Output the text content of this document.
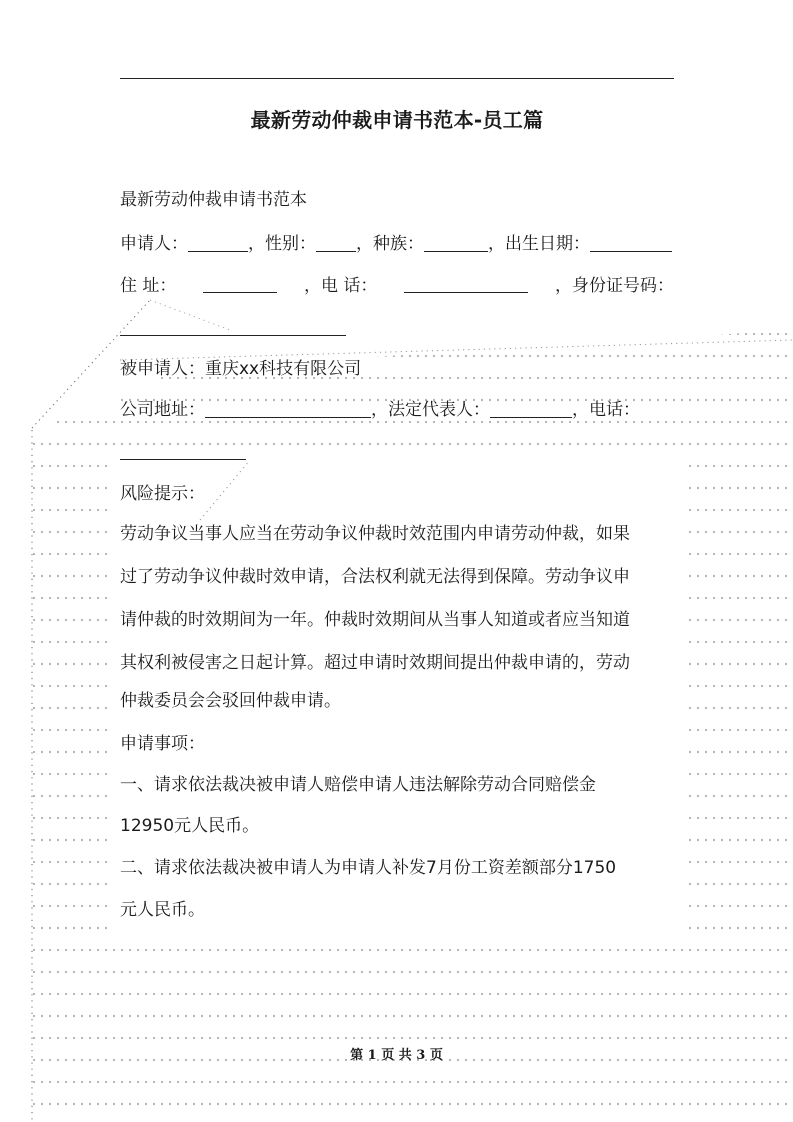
最新劳动仲裁申请书范本-员工篇
最新劳动仲裁申请书范本
申请人：	，性别： ，种族：	，出生日期：
住 址：	，电 话：	，身份证号码：
被申请人：重庆xx科技有限公司
公司地址：	，法定代表人：	，电话：
风险提示：
劳动争议当事人应当在劳动争议仲裁时效范围内申请劳动仲裁，如果
过了劳动争议仲裁时效申请，合法权利就无法得到保障。劳动争议申
请仲裁的时效期间为一年。仲裁时效期间从当事人知道或者应当知道
其权利被侵害之日起计算。超过申请时效期间提出仲裁申请的，劳动
仲裁委员会会驳回仲裁申请。
申请事项：
一、请求依法裁决被申请人赔偿申请人违法解除劳动合同赔偿金
12950元人民币。
二、请求依法裁决被申请人为申请人补发7月份工资差额部分1750
元人民币。
第 1 页 共 3 页
